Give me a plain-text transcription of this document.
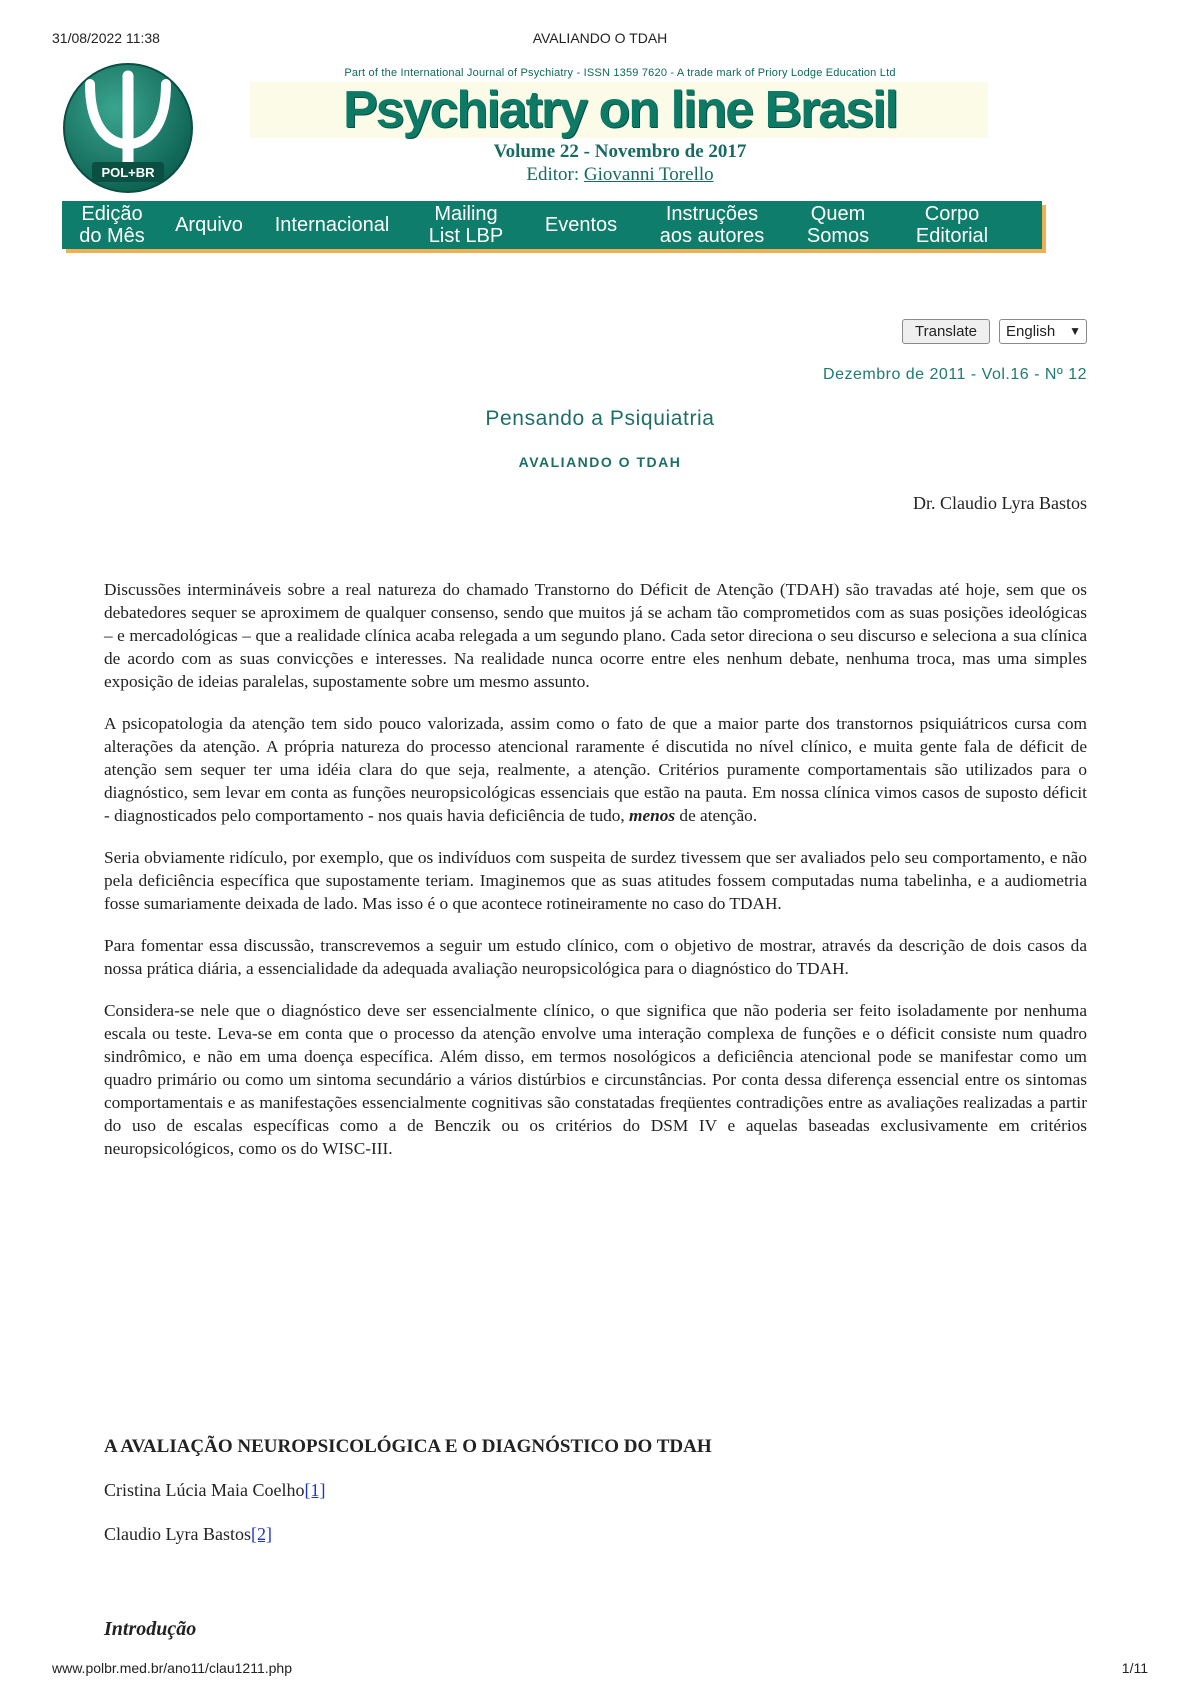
31/08/2022 11:38	AVALIANDO O TDAH
POL+BR
Part of the International Journal of Psychiatry - ISSN 1359 7620 - A trade mark of Priory Lodge Education Ltd
Psychiatry on line Brasil
Volume 22 - Novembro de 2017
Editor: Giovanni Torello
Edição
do Mês	Arquivo	Internacional	Mailing
List LBP	Eventos	Instruções
aos autores
Quem
Somos
Corpo
Editorial
Translate	English ▼
Dezembro de 2011 - Vol.16 - Nº 12
Pensando a Psiquiatria
AVALIANDO O TDAH
Dr. Claudio Lyra Bastos

Discussões intermináveis sobre a real natureza do chamado Transtorno do Déficit de Atenção (TDAH) são travadas até hoje, sem que os debatedores sequer se aproximem de qualquer consenso, sendo que muitos já se acham tão comprometidos com as suas posições ideológicas – e mercadológicas – que a realidade clínica acaba relegada a um segundo plano. Cada setor direciona o seu discurso e seleciona a sua clínica de acordo com as suas convicções e interesses. Na realidade nunca ocorre entre eles nenhum debate, nenhuma troca, mas uma simples exposição de ideias paralelas, supostamente sobre um mesmo assunto.

A psicopatologia da atenção tem sido pouco valorizada, assim como o fato de que a maior parte dos transtornos psiquiátricos cursa com alterações da atenção. A própria natureza do processo atencional raramente é discutida no nível clínico, e muita gente fala de déficit de atenção sem sequer ter uma idéia clara do que seja, realmente, a atenção. Critérios puramente comportamentais são utilizados para o diagnóstico, sem levar em conta as funções neuropsicológicas essenciais que estão na pauta. Em nossa clínica vimos casos de suposto déficit - diagnosticados pelo comportamento - nos quais havia deficiência de tudo, menos de atenção.

Seria obviamente ridículo, por exemplo, que os indivíduos com suspeita de surdez tivessem que ser avaliados pelo seu comportamento, e não pela deficiência específica que supostamente teriam. Imaginemos que as suas atitudes fossem computadas numa tabelinha, e a audiometria fosse sumariamente deixada de lado. Mas isso é o que acontece rotineiramente no caso do TDAH.

Para fomentar essa discussão, transcrevemos a seguir um estudo clínico, com o objetivo de mostrar, através da descrição de dois casos da nossa prática diária, a essencialidade da adequada avaliação neuropsicológica para o diagnóstico do TDAH.

Considera-se nele que o diagnóstico deve ser essencialmente clínico, o que significa que não poderia ser feito isoladamente por nenhuma escala ou teste. Leva-se em conta que o processo da atenção envolve uma interação complexa de funções e o déficit consiste num quadro sindrômico, e não em uma doença específica. Além disso, em termos nosológicos a deficiência atencional pode se manifestar como um quadro primário ou como um sintoma secundário a vários distúrbios e circunstâncias. Por conta dessa diferença essencial entre os sintomas comportamentais e as manifestações essencialmente cognitivas são constatadas freqüentes contradições entre as avaliações realizadas a partir do uso de escalas específicas como a de Benczik ou os critérios do DSM IV e aquelas baseadas exclusivamente em critérios neuropsicológicos, como os do WISC-III.

A AVALIAÇÃO NEUROPSICOLÓGICA E O DIAGNÓSTICO DO TDAH
Cristina Lúcia Maia Coelho[1]
Claudio Lyra Bastos[2]
Introdução
www.polbr.med.br/ano11/clau1211.php	1/11
